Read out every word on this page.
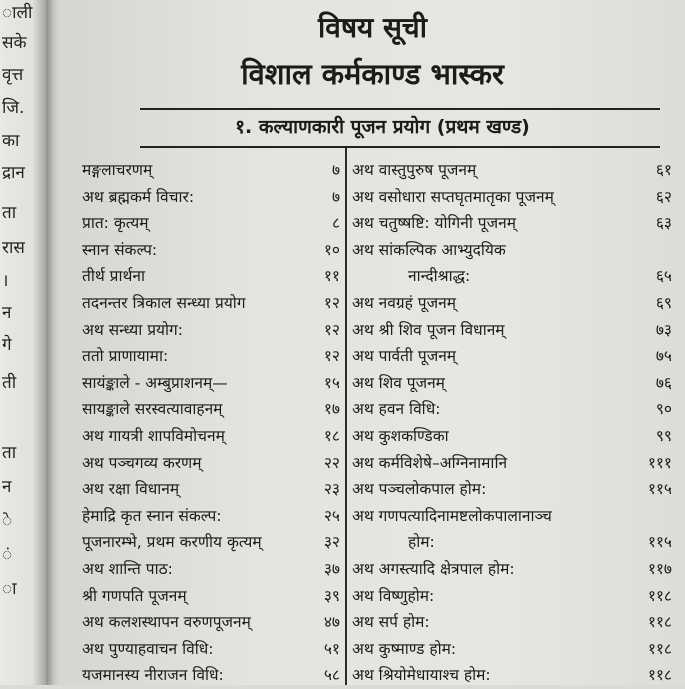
ाली
सके
वृत्त
जि.
का
द्रान
ता
रास
।
न
गे
ती
ता
न
े
ं
ा
विषय सूची
विशाल कर्मकाण्ड भास्कर
१. कल्याणकारी पूजन प्रयोग (प्रथम खण्ड)
मङ्गलाचरणम्	७
अथ ब्रह्मकर्म विचार:	७
प्रात: कृत्यम्	८
स्नान संकल्प:	१०
तीर्थ प्रार्थना	११
तदनन्तर त्रिकाल सन्ध्या प्रयोग	१२
अथ सन्ध्या प्रयोग:	१२
ततो प्राणायामा:	१२
सायंङ्काले - अम्बुप्राशनम्—	१५
सायङ्काले सरस्वत्यावाहनम्	१७
अथ गायत्री शापविमोचनम्	१८
अथ पञ्चगव्य करणम्	२२
अथ रक्षा विधानम्	२३
हेमाद्रि कृत स्नान संकल्प:	२५
पूजनारम्भे, प्रथम करणीय कृत्यम्	३२
अथ शान्ति पाठ:	३७
श्री गणपति पूजनम्	३९
अथ कलशस्थापन वरुणपूजनम्	४७
अथ पुण्याहवाचन विधि:	५१
यजमानस्य नीराजन विधि:	५८
अथ वास्तुपुरुष पूजनम्	६१
अथ वसोधारा सप्तघृतमातृका पूजनम्	६२
अथ चतुष्षष्टि: योगिनी पूजनम्	६३
अथ सांकल्पिक आभ्युदयिक
नान्दीश्राद्ध:	६५
अथ नवग्रहं पूजनम्	६९
अथ श्री शिव पूजन विधानम्	७३
अथ पार्वती पूजनम्	७५
अथ शिव पूजनम्	७६
अथ हवन विधि:	९०
अथ कुशकण्डिका	९९
अथ कर्मविशेषे–अग्निनामानि	१११
अथ पञ्चलोकपाल होम:	११५
अथ गणपत्यादिनामष्टलोकपालानाञ्च
होम:	११५
अथ अगस्त्यादि क्षेत्रपाल होम:	११७
अथ विष्णुहोम:	११८
अथ सर्प होम:	११८
अथ कुष्माण्ड होम:	११८
अथ श्रियोमेधायाश्च होम:	११८
